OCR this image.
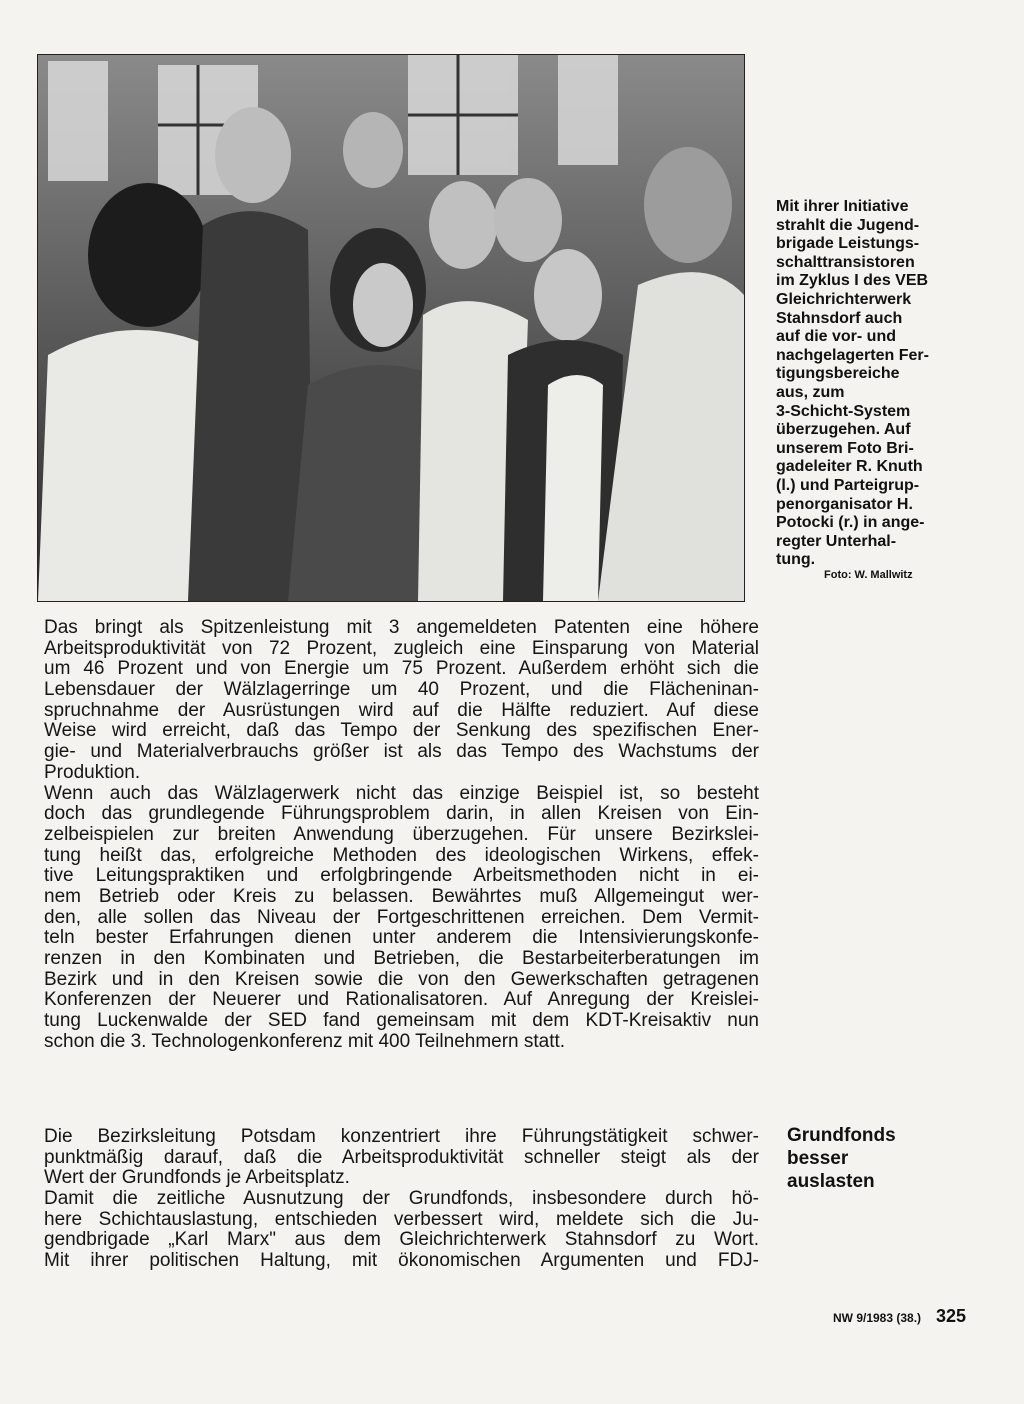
Mit ihrer Initiative
strahlt die Jugend-
brigade Leistungs-
schalttransistoren
im Zyklus I des VEB
Gleichrichterwerk
Stahnsdorf auch
auf die vor- und
nachgelagerten Fer-
tigungsbereiche
aus, zum
3-Schicht-System
überzugehen. Auf
unserem Foto Bri-
gadeleiter R. Knuth
(l.) und Parteigrup-
penorganisator H.
Potocki (r.) in ange-
regter Unterhal-
tung.
Foto: W. Mallwitz
Das bringt als Spitzenleistung mit 3 angemeldeten Patenten eine höhere
Arbeitsproduktivität von 72 Prozent, zugleich eine Einsparung von Material
um 46 Prozent und von Energie um 75 Prozent. Außerdem erhöht sich die
Lebensdauer der Wälzlagerringe um 40 Prozent, und die Flächeninan-
spruchnahme der Ausrüstungen wird auf die Hälfte reduziert. Auf diese
Weise wird erreicht, daß das Tempo der Senkung des spezifischen Ener-
gie- und Materialverbrauchs größer ist als das Tempo des Wachstums der
Produktion.
Wenn auch das Wälzlagerwerk nicht das einzige Beispiel ist, so besteht
doch das grundlegende Führungsproblem darin, in allen Kreisen von Ein-
zelbeispielen zur breiten Anwendung überzugehen. Für unsere Bezirkslei-
tung heißt das, erfolgreiche Methoden des ideologischen Wirkens, effek-
tive Leitungspraktiken und erfolgbringende Arbeitsmethoden nicht in ei-
nem Betrieb oder Kreis zu belassen. Bewährtes muß Allgemeingut wer-
den, alle sollen das Niveau der Fortgeschrittenen erreichen. Dem Vermit-
teln bester Erfahrungen dienen unter anderem die Intensivierungskonfe-
renzen in den Kombinaten und Betrieben, die Bestarbeiterberatungen im
Bezirk und in den Kreisen sowie die von den Gewerkschaften getragenen
Konferenzen der Neuerer und Rationalisatoren. Auf Anregung der Kreislei-
tung Luckenwalde der SED fand gemeinsam mit dem KDT-Kreisaktiv nun
schon die 3. Technologenkonferenz mit 400 Teilnehmern statt.
Die Bezirksleitung Potsdam konzentriert ihre Führungstätigkeit schwer-
punktmäßig darauf, daß die Arbeitsproduktivität schneller steigt als der
Wert der Grundfonds je Arbeitsplatz.
Damit die zeitliche Ausnutzung der Grundfonds, insbesondere durch hö-
here Schichtauslastung, entschieden verbessert wird, meldete sich die Ju-
gendbrigade „Karl Marx" aus dem Gleichrichterwerk Stahnsdorf zu Wort.
Mit ihrer politischen Haltung, mit ökonomischen Argumenten und FDJ-
Grundfonds
besser
auslasten
NW 9/1983 (38.) 325
